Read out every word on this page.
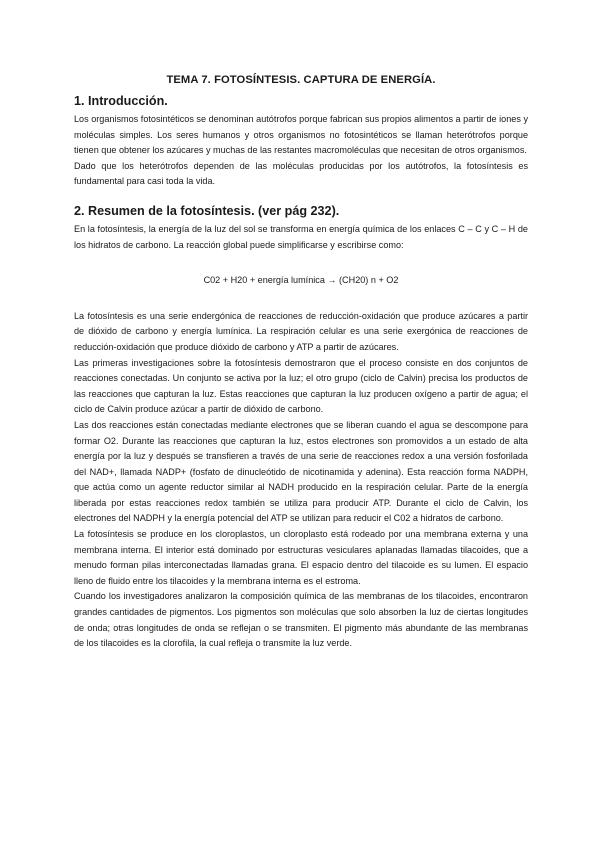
TEMA 7. FOTOSÍNTESIS. CAPTURA DE ENERGÍA.
1. Introducción.

Los organismos fotosintéticos se denominan autótrofos porque fabrican sus propios alimentos a partir de iones y moléculas simples. Los seres humanos y otros organismos no fotosintéticos se llaman heterótrofos porque tienen que obtener los azúcares y muchas de las restantes macromoléculas que necesitan de otros organismos.

Dado que los heterótrofos dependen de las moléculas producidas por los autótrofos, la fotosíntesis es fundamental para casi toda la vida.

2. Resumen de la fotosíntesis. (ver pág 232).

En la fotosíntesis, la energía de la luz del sol se transforma en energía química de los enlaces C – C y C – H de los hidratos de carbono. La reacción global puede simplificarse y escribirse como:

C02 + H20 + energía lumínica → (CH20) n + O2

La fotosíntesis es una serie endergónica de reacciones de reducción-oxidación que produce azúcares a partir de dióxido de carbono y energía lumínica. La respiración celular es una serie exergónica de reacciones de reducción-oxidación que produce dióxido de carbono y ATP a partir de azúcares.

Las primeras investigaciones sobre la fotosíntesis demostraron que el proceso consiste en dos conjuntos de reacciones conectadas. Un conjunto se activa por la luz; el otro grupo (ciclo de Calvin) precisa los productos de las reacciones que capturan la luz. Estas reacciones que capturan la luz producen oxígeno a partir de agua; el ciclo de Calvin produce azúcar a partir de dióxido de carbono.

Las dos reacciones están conectadas mediante electrones que se liberan cuando el agua se descompone para formar O2. Durante las reacciones que capturan la luz, estos electrones son promovidos a un estado de alta energía por la luz y después se transfieren a través de una serie de reacciones redox a una versión fosforilada del NAD+, llamada NADP+ (fosfato de dinucleótido de nicotinamida y adenina). Esta reacción forma NADPH, que actúa como un agente reductor similar al NADH producido en la respiración celular. Parte de la energía liberada por estas reacciones redox también se utiliza para producir ATP. Durante el ciclo de Calvin, los electrones del NADPH y la energía potencial del ATP se utilizan para reducir el C02 a hidratos de carbono.

La fotosíntesis se produce en los cloroplastos, un cloroplasto está rodeado por una membrana externa y una membrana interna. El interior está dominado por estructuras vesiculares aplanadas llamadas tilacoides, que a menudo forman pilas interconectadas llamadas grana. El espacio dentro del tilacoide es su lumen. El espacio lleno de fluido entre los tilacoides y la membrana interna es el estroma.

Cuando los investigadores analizaron la composición química de las membranas de los tilacoides, encontraron grandes cantidades de pigmentos. Los pigmentos son moléculas que solo absorben la luz de ciertas longitudes de onda; otras longitudes de onda se reflejan o se transmiten. El pigmento más abundante de las membranas de los tilacoides es la clorofila, la cual refleja o transmite la luz verde.
